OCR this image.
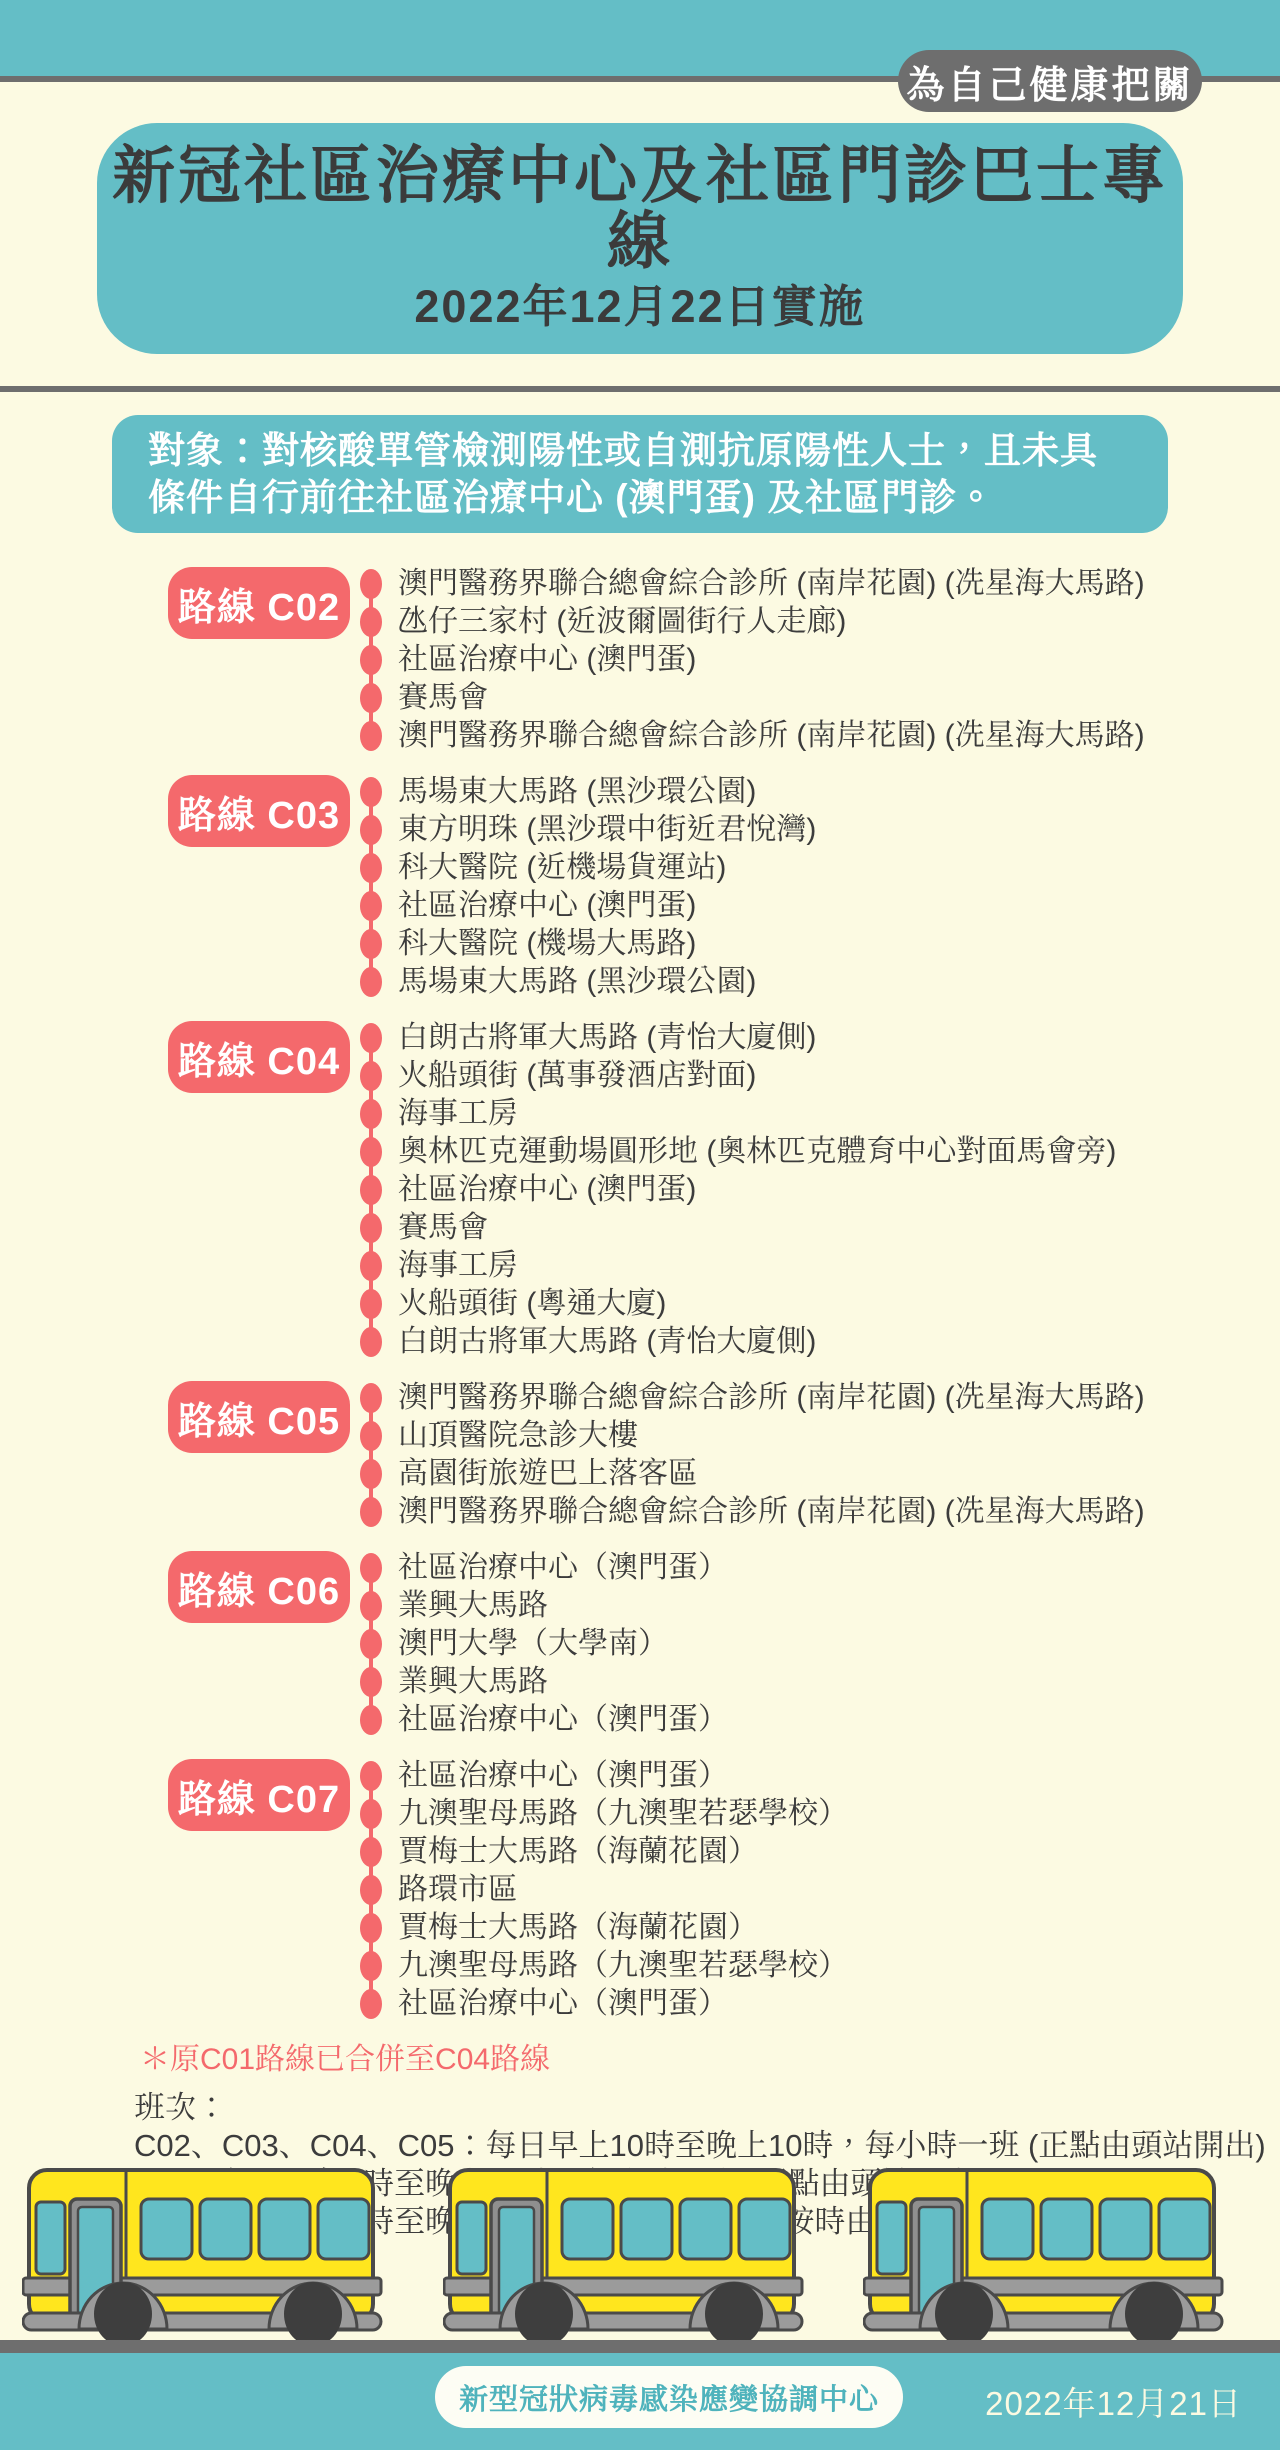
為自己健康把關
新冠社區治療中心及社區門診巴士專線
2022年12月22日實施

對象：對核酸單管檢測陽性或自測抗原陽性人士，且未具條件自行前往社區治療中心 (澳門蛋) 及社區門診。

路線 C02
澳門醫務界聯合總會綜合診所 (南岸花園) (冼星海大馬路)
氹仔三家村 (近波爾圖街行人走廊)
社區治療中心 (澳門蛋)
賽馬會
澳門醫務界聯合總會綜合診所 (南岸花園) (冼星海大馬路)
路線 C03
馬場東大馬路 (黑沙環公園)
東方明珠 (黑沙環中街近君悅灣)
科大醫院 (近機場貨運站)
社區治療中心 (澳門蛋)
科大醫院 (機場大馬路)
馬場東大馬路 (黑沙環公園)
路線 C04
白朗古將軍大馬路 (青怡大廈側)
火船頭街 (萬事發酒店對面)
海事工房
奧林匹克運動場圓形地 (奧林匹克體育中心對面馬會旁)
社區治療中心 (澳門蛋)
賽馬會
海事工房
火船頭街 (粵通大廈)
白朗古將軍大馬路 (青怡大廈側)
路線 C05
澳門醫務界聯合總會綜合診所 (南岸花園) (冼星海大馬路)
山頂醫院急診大樓
高園街旅遊巴上落客區
澳門醫務界聯合總會綜合診所 (南岸花園) (冼星海大馬路)
路線 C06
社區治療中心（澳門蛋）
業興大馬路
澳門大學（大學南）
業興大馬路
社區治療中心（澳門蛋）
路線 C07
社區治療中心（澳門蛋）
九澳聖母馬路（九澳聖若瑟學校）
賈梅士大馬路（海蘭花園）
路環市區
賈梅士大馬路（海蘭花園）
九澳聖母馬路（九澳聖若瑟學校）
社區治療中心（澳門蛋）
＊原C01路線已合併至C04路線
班次：
C02、C03、C04、C05：每日早上10時至晚上10時，每小時一班 (正點由頭站開出)
C06：每日下午1時至晚上10時，每小時一班 (正點由頭站開出)
新型冠狀病毒感染應變協調中心	2022年12月21日
